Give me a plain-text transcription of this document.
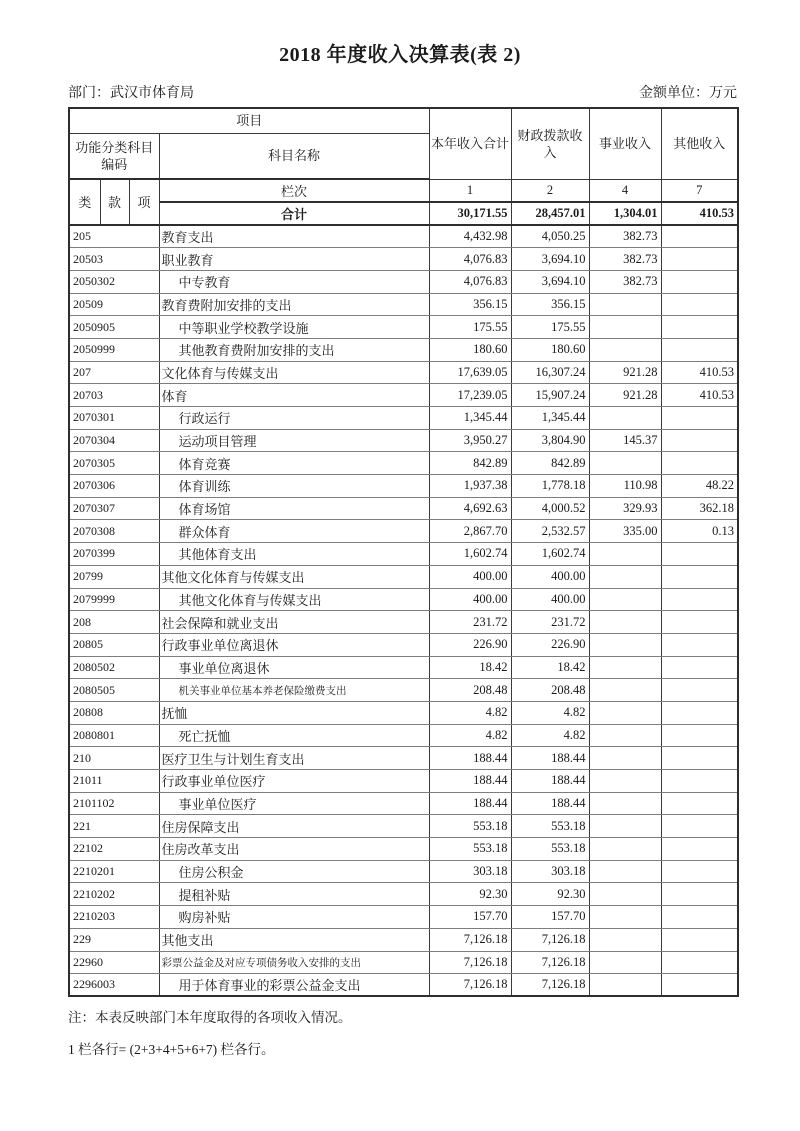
2018 年度收入决算表(表 2)
部门：武汉市体育局	金额单位：万元
项目				本年收入合计	财政拨款收入	事业收入	其他收入
功能分类科目编码			科目名称				
类	款	项	栏次	1	2	4	7
			合计	30,171.55	28,457.01	1,304.01	410.53
205			教育支出	4,432.98	4,050.25	382.73	
20503			职业教育	4,076.83	3,694.10	382.73	
2050302			中专教育	4,076.83	3,694.10	382.73	
20509			教育费附加安排的支出	356.15	356.15		
2050905			中等职业学校教学设施	175.55	175.55		
2050999			其他教育费附加安排的支出	180.60	180.60		
207			文化体育与传媒支出	17,639.05	16,307.24	921.28	410.53
20703			体育	17,239.05	15,907.24	921.28	410.53
2070301			行政运行	1,345.44	1,345.44		
2070304			运动项目管理	3,950.27	3,804.90	145.37	
2070305			体育竞赛	842.89	842.89		
2070306			体育训练	1,937.38	1,778.18	110.98	48.22
2070307			体育场馆	4,692.63	4,000.52	329.93	362.18
2070308			群众体育	2,867.70	2,532.57	335.00	0.13
2070399			其他体育支出	1,602.74	1,602.74		
20799			其他文化体育与传媒支出	400.00	400.00		
2079999			其他文化体育与传媒支出	400.00	400.00		
208			社会保障和就业支出	231.72	231.72		
20805			行政事业单位离退休	226.90	226.90		
2080502			事业单位离退休	18.42	18.42		
2080505			机关事业单位基本养老保险缴费支出	208.48	208.48		
20808			抚恤	4.82	4.82		
2080801			死亡抚恤	4.82	4.82		
210			医疗卫生与计划生育支出	188.44	188.44		
21011			行政事业单位医疗	188.44	188.44		
2101102			事业单位医疗	188.44	188.44		
221			住房保障支出	553.18	553.18		
22102			住房改革支出	553.18	553.18		
2210201			住房公积金	303.18	303.18		
2210202			提租补贴	92.30	92.30		
2210203			购房补贴	157.70	157.70		
229			其他支出	7,126.18	7,126.18		
22960			彩票公益金及对应专项债务收入安排的支出	7,126.18	7,126.18		
2296003			用于体育事业的彩票公益金支出	7,126.18	7,126.18		
注：本表反映部门本年度取得的各项收入情况。
1 栏各行= (2+3+4+5+6+7) 栏各行。
